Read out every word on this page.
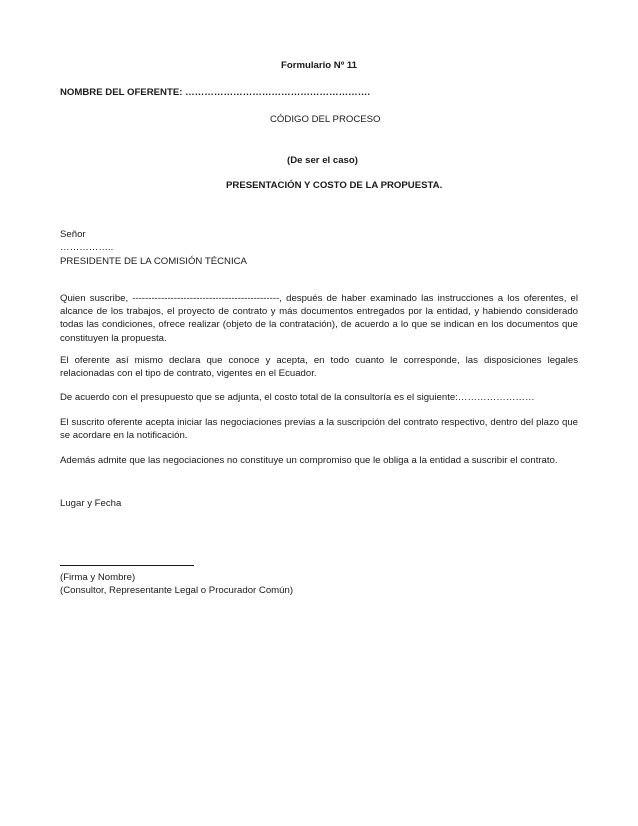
Formulario Nº 11
NOMBRE DEL OFERENTE: ………………………………………………….
CÓDIGO DEL PROCESO
(De ser el caso)
PRESENTACIÓN Y COSTO DE LA PROPUESTA.
Señor
……………..
PRESIDENTE DE LA COMISIÓN TÉCNICA
Quien suscribe, ----------------------------------------------, después de haber examinado las instrucciones a los oferentes, el alcance de los trabajos, el proyecto de contrato y más documentos entregados por la entidad, y habiendo considerado todas las condiciones, ofrece realizar (objeto de la contratación), de acuerdo a lo que se indican en los documentos que constituyen la propuesta.
El oferente así mismo declara que conoce y acepta, en todo cuanto le corresponde, las disposiciones legales relacionadas con el tipo de contrato, vigentes en el Ecuador.
De acuerdo con el presupuesto que se adjunta, el costo total de la consultoría es el siguiente:……………………
El suscrito oferente acepta iniciar las negociaciones previas a la suscripción del contrato respectivo, dentro del plazo que se acordare en la notificación.
Además admite que las negociaciones no constituye un compromiso que le obliga a la entidad a suscribir el contrato.
Lugar y Fecha
(Firma y Nombre)
(Consultor, Representante Legal o Procurador Común)
